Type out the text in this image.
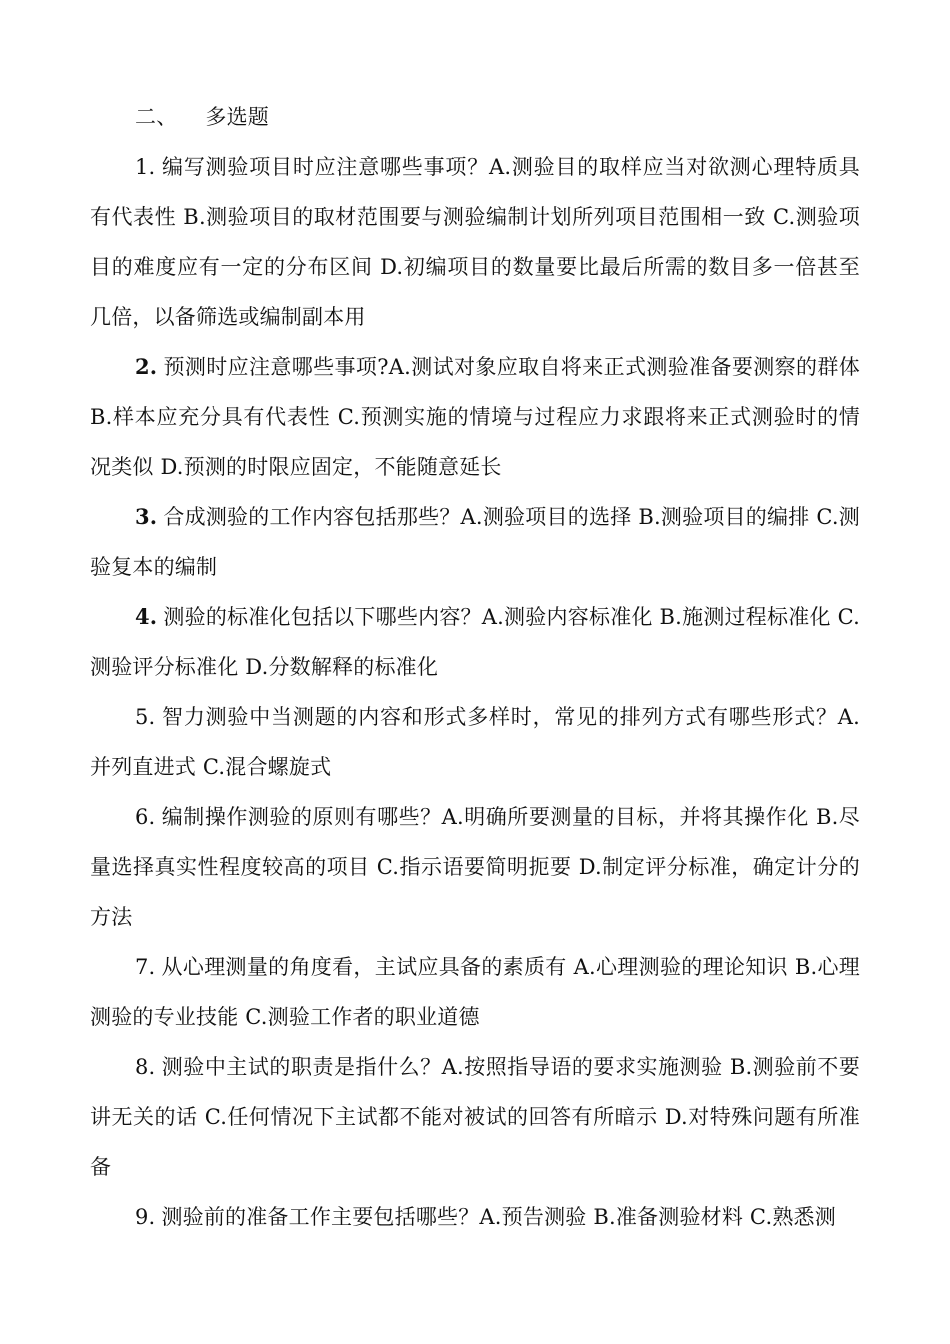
二、 多选题

1. 编写测验项目时应注意哪些事项？A.测验目的取样应当对欲测心理特质具有代表性 B.测验项目的取材范围要与测验编制计划所列项目范围相一致 C.测验项目的难度应有一定的分布区间 D.初编项目的数量要比最后所需的数目多一倍甚至几倍，以备筛选或编制副本用

2. 预测时应注意哪些事项?A.测试对象应取自将来正式测验准备要测察的群体 B.样本应充分具有代表性 C.预测实施的情境与过程应力求跟将来正式测验时的情况类似 D.预测的时限应固定，不能随意延长

3. 合成测验的工作内容包括那些？A.测验项目的选择 B.测验项目的编排 C.测验复本的编制

4. 测验的标准化包括以下哪些内容？A.测验内容标准化 B.施测过程标准化 C.测验评分标准化 D.分数解释的标准化

5. 智力测验中当测题的内容和形式多样时，常见的排列方式有哪些形式？A.并列直进式 C.混合螺旋式

6. 编制操作测验的原则有哪些？A.明确所要测量的目标，并将其操作化 B.尽量选择真实性程度较高的项目 C.指示语要简明扼要 D.制定评分标准，确定计分的方法

7. 从心理测量的角度看，主试应具备的素质有 A.心理测验的理论知识 B.心理测验的专业技能 C.测验工作者的职业道德

8. 测验中主试的职责是指什么？A.按照指导语的要求实施测验 B.测验前不要讲无关的话 C.任何情况下主试都不能对被试的回答有所暗示 D.对特殊问题有所准备

9. 测验前的准备工作主要包括哪些？A.预告测验 B.准备测验材料 C.熟悉测
